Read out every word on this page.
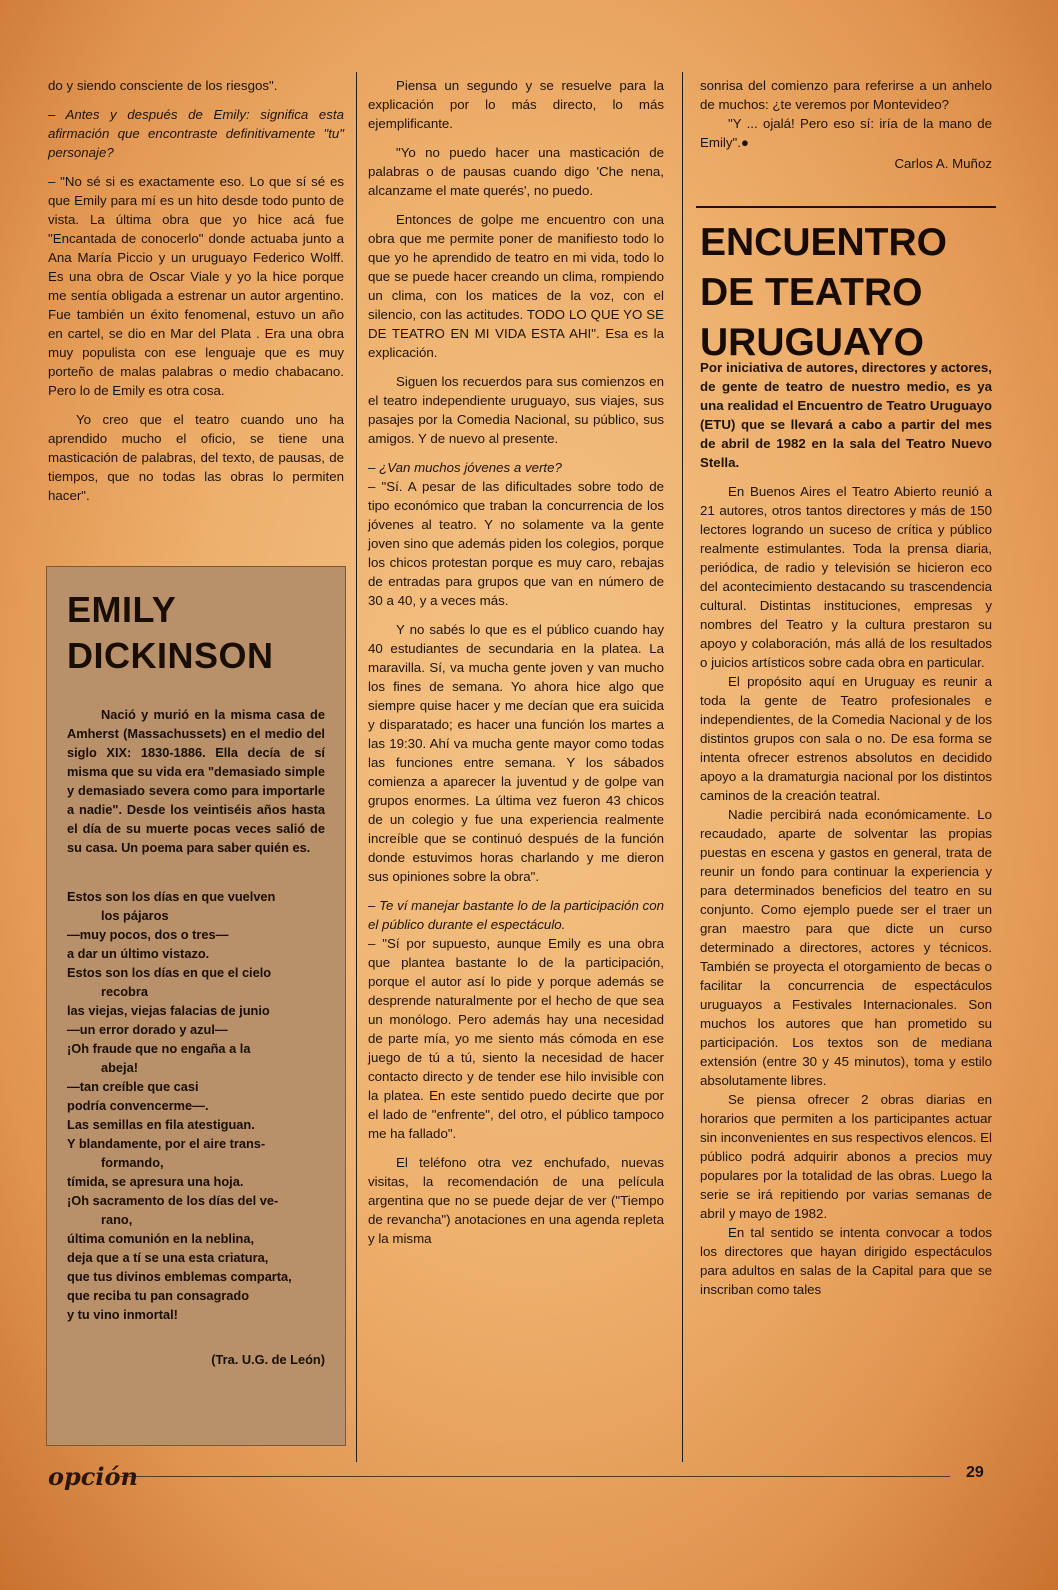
do y siendo consciente de los riesgos".

– Antes y después de Emily: significa esta afirmación que encontraste definitivamente "tu" personaje?

– "No sé si es exactamente eso. Lo que sí sé es que Emily para mí es un hito desde todo punto de vista. La última obra que yo hice acá fue "Encantada de conocerlo" donde actuaba junto a Ana María Piccio y un uruguayo Federico Wolff. Es una obra de Oscar Viale y yo la hice porque me sentía obligada a estrenar un autor argentino. Fue también un éxito fenomenal, estuvo un año en cartel, se dio en Mar del Plata . Era una obra muy populista con ese lenguaje que es muy porteño de malas palabras o medio chabacano. Pero lo de Emily es otra cosa.

Yo creo que el teatro cuando uno ha aprendido mucho el oficio, se tiene una masticación de palabras, del texto, de pausas, de tiempos, que no todas las obras lo permiten hacer".

EMILY
DICKINSON

Nació y murió en la misma casa de Amherst (Massachussets) en el medio del siglo XIX: 1830-1886. Ella decía de sí misma que su vida era "demasiado simple y demasiado severa como para importarle a nadie". Desde los veintiséis años hasta el día de su muerte pocas veces salió de su casa. Un poema para saber quién es.

Estos son los días en que vuelven
los pájaros
—muy pocos, dos o tres—
a dar un último vistazo.
Estos son los días en que el cielo
recobra
las viejas, viejas falacias de junio
—un error dorado y azul—
¡Oh fraude que no engaña a la
abeja!
—tan creíble que casi
podría convencerme—.
Las semillas en fila atestiguan.
Y blandamente, por el aire trans-
formando,
tímida, se apresura una hoja.
¡Oh sacramento de los días del ve-
rano,
última comunión en la neblina,
deja que a tí se una esta criatura,
que tus divinos emblemas comparta,
que reciba tu pan consagrado
y tu vino inmortal!
(Tra. U.G. de León)

Piensa un segundo y se resuelve para la explicación por lo más directo, lo más ejemplificante.

"Yo no puedo hacer una masticación de palabras o de pausas cuando digo 'Che nena, alcanzame el mate querés', no puedo.

Entonces de golpe me encuentro con una obra que me permite poner de manifiesto todo lo que yo he aprendido de teatro en mi vida, todo lo que se puede hacer creando un clima, rompiendo un clima, con los matices de la voz, con el silencio, con las actitudes. TODO LO QUE YO SE DE TEATRO EN MI VIDA ESTA AHI". Esa es la explicación.

Siguen los recuerdos para sus comienzos en el teatro independiente uruguayo, sus viajes, sus pasajes por la Comedia Nacional, su público, sus amigos. Y de nuevo al presente.

– ¿Van muchos jóvenes a verte?

– "Sí. A pesar de las dificultades sobre todo de tipo económico que traban la concurrencia de los jóvenes al teatro. Y no solamente va la gente joven sino que además piden los colegios, porque los chicos protestan porque es muy caro, rebajas de entradas para grupos que van en número de 30 a 40, y a veces más.

Y no sabés lo que es el público cuando hay 40 estudiantes de secundaria en la platea. La maravilla. Sí, va mucha gente joven y van mucho los fines de semana. Yo ahora hice algo que siempre quise hacer y me decían que era suicida y disparatado; es hacer una función los martes a las 19:30. Ahí va mucha gente mayor como todas las funciones entre semana. Y los sábados comienza a aparecer la juventud y de golpe van grupos enormes. La última vez fueron 43 chicos de un colegio y fue una experiencia realmente increíble que se continuó después de la función donde estuvimos horas charlando y me dieron sus opiniones sobre la obra".

– Te ví manejar bastante lo de la participación con el público durante el espectáculo.

– "Sí por supuesto, aunque Emily es una obra que plantea bastante lo de la participación, porque el autor así lo pide y porque además se desprende naturalmente por el hecho de que sea un monólogo. Pero además hay una necesidad de parte mía, yo me siento más cómoda en ese juego de tú a tú, siento la necesidad de hacer contacto directo y de tender ese hilo invisible con la platea. En este sentido puedo decirte que por el lado de "enfrente", del otro, el público tampoco me ha fallado".

El teléfono otra vez enchufado, nuevas visitas, la recomendación de una película argentina que no se puede dejar de ver ("Tiempo de revancha") anotaciones en una agenda repleta y la misma

sonrisa del comienzo para referirse a un anhelo de muchos: ¿te veremos por Montevideo?

"Y ... ojalá! Pero eso sí: iría de la mano de Emily".●

Carlos A. Muñoz
ENCUENTRO
DE TEATRO
URUGUAYO

Por iniciativa de autores, directores y actores, de gente de teatro de nuestro medio, es ya una realidad el Encuentro de Teatro Uruguayo (ETU) que se llevará a cabo a partir del mes de abril de 1982 en la sala del Teatro Nuevo Stella.

En Buenos Aires el Teatro Abierto reunió a 21 autores, otros tantos directores y más de 150 lectores logrando un suceso de crítica y público realmente estimulantes. Toda la prensa diaria, periódica, de radio y televisión se hicieron eco del acontecimiento destacando su trascendencia cultural. Distintas instituciones, empresas y nombres del Teatro y la cultura prestaron su apoyo y colaboración, más allá de los resultados o juicios artísticos sobre cada obra en particular.

El propósito aquí en Uruguay es reunir a toda la gente de Teatro profesionales e independientes, de la Comedia Nacional y de los distintos grupos con sala o no. De esa forma se intenta ofrecer estrenos absolutos en decidido apoyo a la dramaturgia nacional por los distintos caminos de la creación teatral.

Nadie percibirá nada económicamente. Lo recaudado, aparte de solventar las propias puestas en escena y gastos en general, trata de reunir un fondo para continuar la experiencia y para determinados beneficios del teatro en su conjunto. Como ejemplo puede ser el traer un gran maestro para que dicte un curso determinado a directores, actores y técnicos. También se proyecta el otorgamiento de becas o facilitar la concurrencia de espectáculos uruguayos a Festivales Internacionales. Son muchos los autores que han prometido su participación. Los textos son de mediana extensión (entre 30 y 45 minutos), toma y estilo absolutamente libres.

Se piensa ofrecer 2 obras diarias en horarios que permiten a los participantes actuar sin inconvenientes en sus respectivos elencos. El público podrá adquirir abonos a precios muy populares por la totalidad de las obras. Luego la serie se irá repitiendo por varias semanas de abril y mayo de 1982.

En tal sentido se intenta convocar a todos los directores que hayan dirigido espectáculos para adultos en salas de la Capital para que se inscriban como tales

opción	29
